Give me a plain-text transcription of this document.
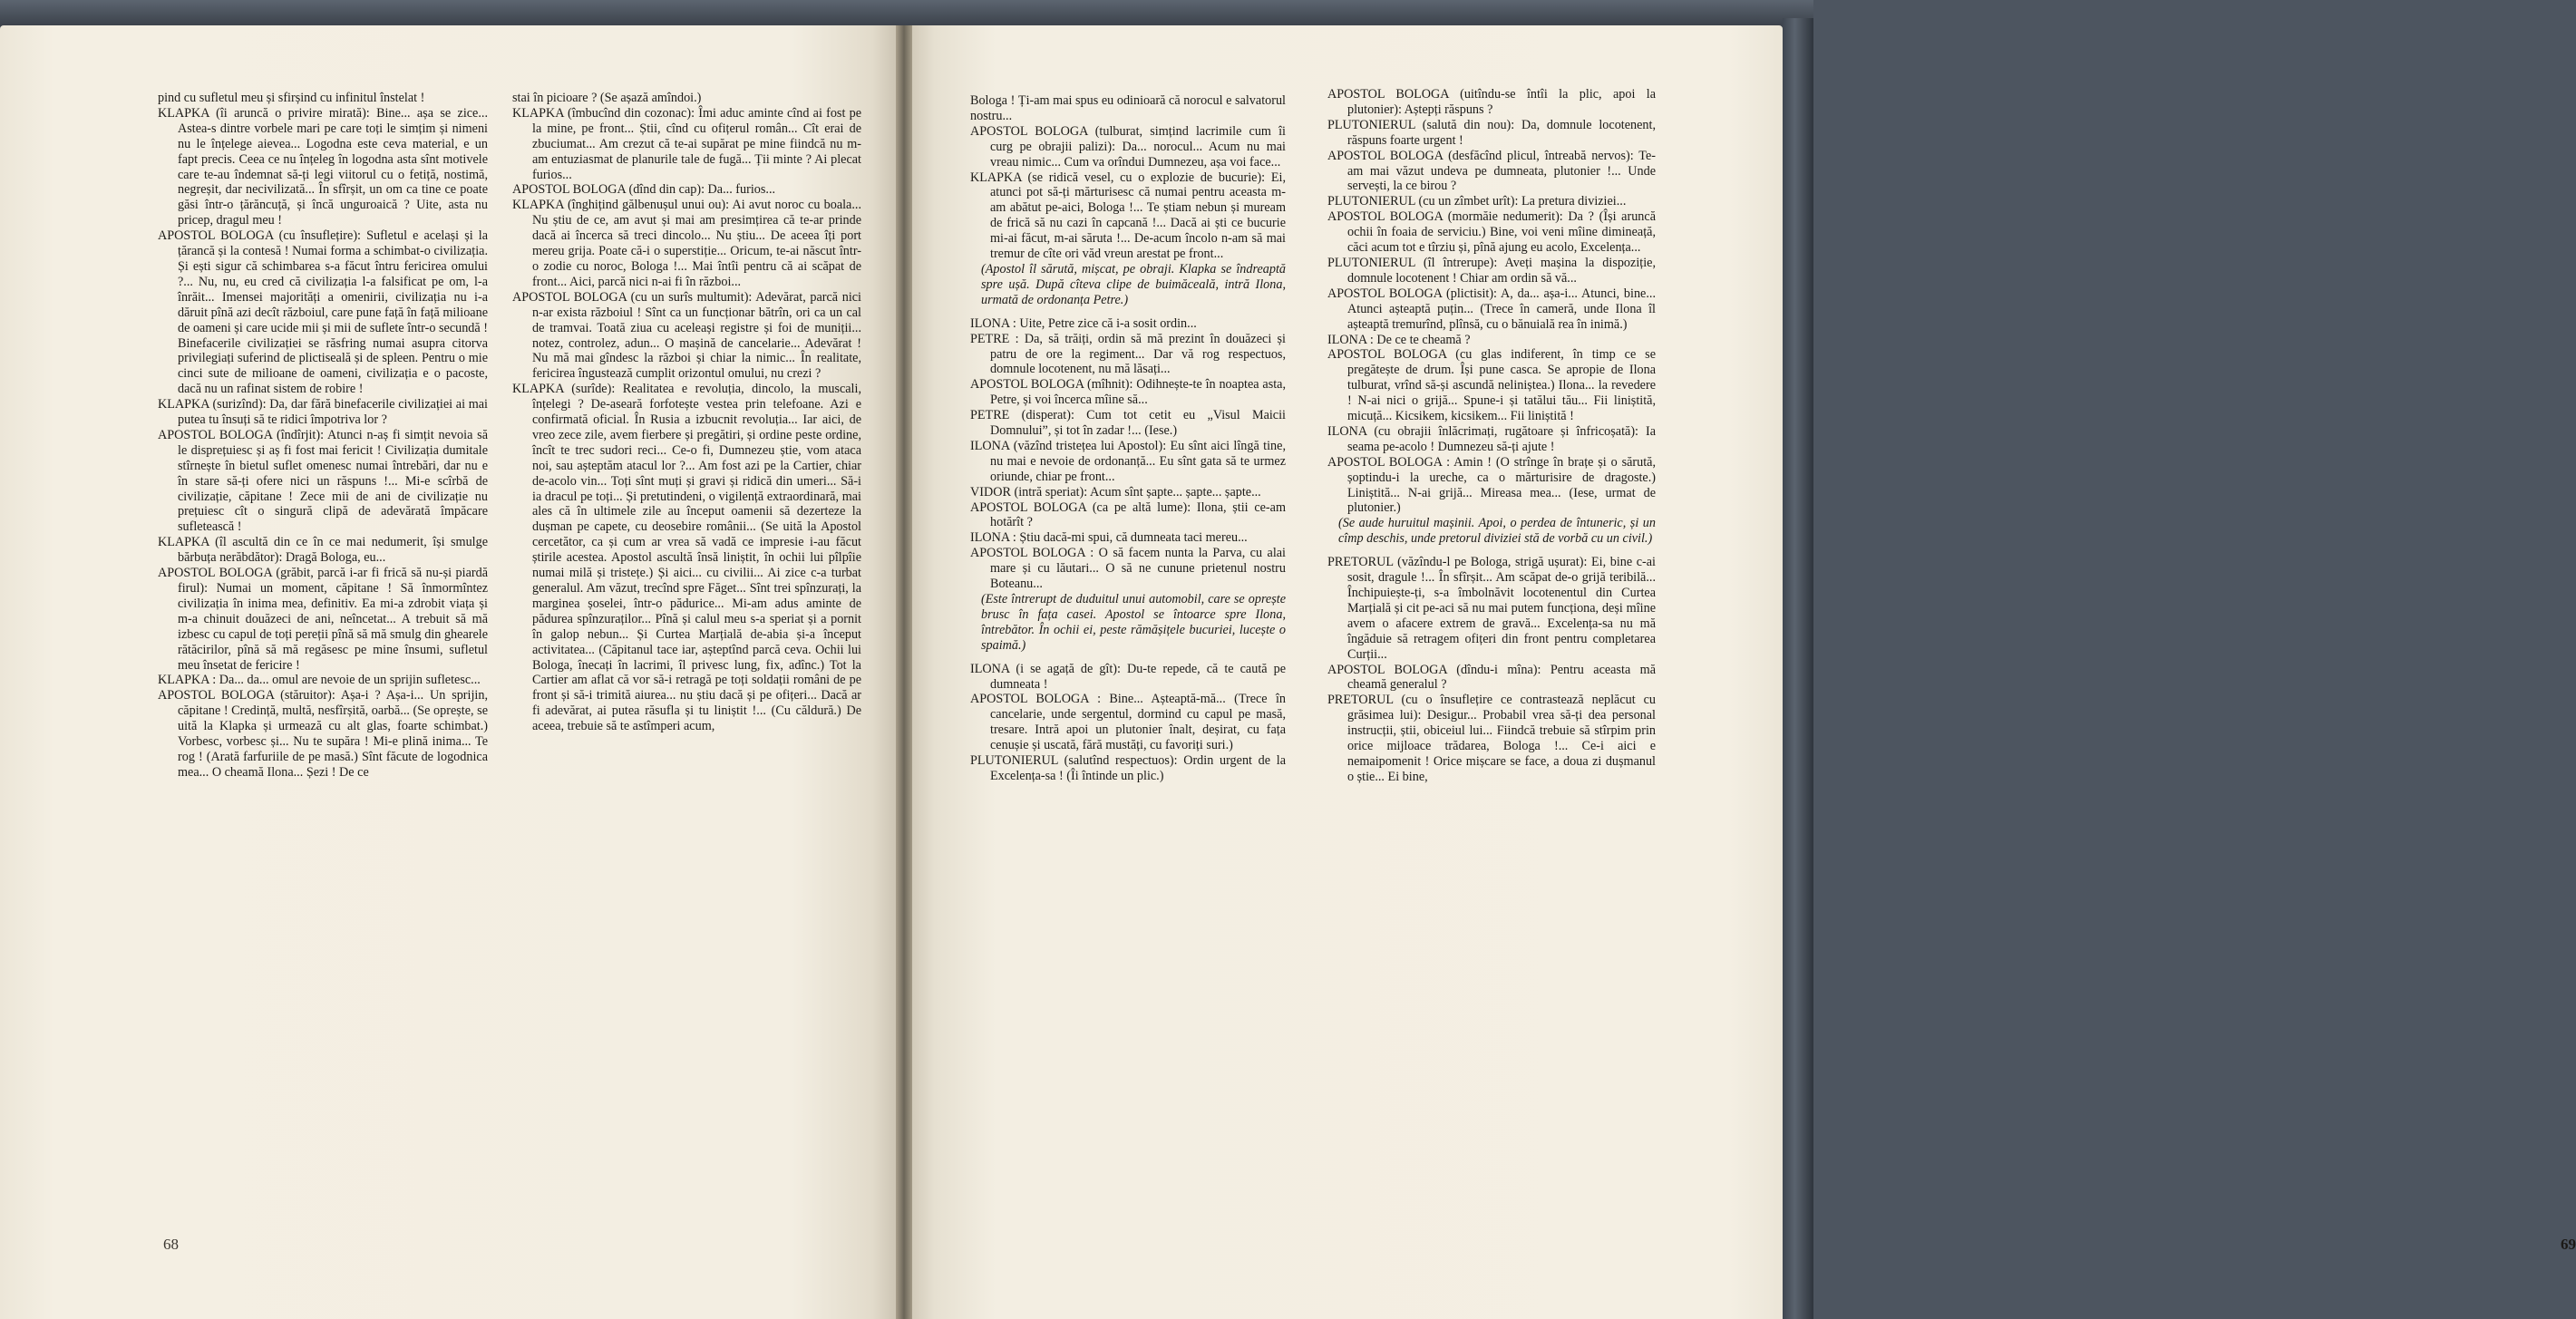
pind cu sufletul meu și sfirșind cu infinitul înstelat !

KLAPKA (îi aruncă o privire mirată): Bine... așa se zice... Astea-s dintre vorbele mari pe care toți le simțim și nimeni nu le înțelege aievea... Logodna este ceva material, e un fapt precis. Ceea ce nu înțeleg în logodna asta sînt motivele care te-au îndemnat să-ți legi viitorul cu o fetiță, nostimă, negreșit, dar necivilizată... În sfîrșit, un om ca tine ce poate găsi într-o țărăncuță, și încă unguroaică ? Uite, asta nu pricep, dragul meu !

APOSTOL BOLOGA (cu însuflețire): Sufletul e același și la țărancă și la contesă ! Numai forma a schimbat-o civilizația. Și ești sigur că schimbarea s-a făcut întru fericirea omului ?... Nu, nu, eu cred că civilizația l-a falsificat pe om, l-a înrăit... Imensei majorități a omenirii, civilizația nu i-a dăruit pînă azi decît războiul, care pune față în față milioane de oameni și care ucide mii și mii de suflete într-o secundă ! Binefacerile civilizației se răsfring numai asupra citorva privilegiați suferind de plictiseală și de spleen. Pentru o mie cinci sute de milioane de oameni, civilizația e o pacoste, dacă nu un rafinat sistem de robire !

KLAPKA (surizînd): Da, dar fără binefacerile civilizației ai mai putea tu însuți să te ridici împotriva lor ?

APOSTOL BOLOGA (îndîrjit): Atunci n-aș fi simțit nevoia să le disprețuiesc și aș fi fost mai fericit ! Civilizația dumitale stîrnește în bietul suflet omenesc numai întrebări, dar nu e în stare să-ți ofere nici un răspuns !... Mi-e scîrbă de civilizație, căpitane ! Zece mii de ani de civilizație nu prețuiesc cît o singură clipă de adevărată împăcare sufletească !

KLAPKA (îl ascultă din ce în ce mai nedumerit, își smulge bărbuța nerăbdător): Dragă Bologa, eu...

APOSTOL BOLOGA (grăbit, parcă i-ar fi frică să nu-și piardă firul): Numai un moment, căpitane ! Să înmormîntez civilizația în inima mea, definitiv. Ea mi-a zdrobit viața și m-a chinuit douăzeci de ani, neîncetat... A trebuit să mă izbesc cu capul de toți pereții pînă să mă smulg din ghearele rătăcirilor, pînă să mă regăsesc pe mine însumi, sufletul meu însetat de fericire !

KLAPKA : Da... da... omul are nevoie de un sprijin sufletesc...

APOSTOL BOLOGA (stăruitor): Așa-i ? Așa-i... Un sprijin, căpitane ! Credință, multă, nesfîrșită, oarbă... (Se oprește, se uită la Klapka și urmează cu alt glas, foarte schimbat.) Vorbesc, vorbesc și... Nu te supăra ! Mi-e plină inima... Te rog ! (Arată farfuriile de pe masă.) Sînt făcute de logodnica mea... O cheamă Ilona... Șezi ! De ce

stai în picioare ? (Se așază amîndoi.)

KLAPKA (îmbucînd din cozonac): Îmi aduc aminte cînd ai fost pe la mine, pe front... Știi, cînd cu ofițerul român... Cît erai de zbuciumat... Am crezut că te-ai supărat pe mine fiindcă nu m-am entuziasmat de planurile tale de fugă... Ții minte ? Ai plecat furios...

APOSTOL BOLOGA (dînd din cap): Da... furios...

KLAPKA (înghițind gălbenușul unui ou): Ai avut noroc cu boala... Nu știu de ce, am avut și mai am presimțirea că te-ar prinde dacă ai încerca să treci dincolo... Nu știu... De aceea îți port mereu grija. Poate că-i o superstiție... Oricum, te-ai născut într-o zodie cu noroc, Bologa !... Mai întîi pentru că ai scăpat de front... Aici, parcă nici n-ai fi în război...

APOSTOL BOLOGA (cu un surîs multumit): Adevărat, parcă nici n-ar exista războiul ! Sînt ca un funcționar bătrîn, ori ca un cal de tramvai. Toată ziua cu aceleași registre și foi de muniții... notez, controlez, adun... O mașină de cancelarie... Adevărat ! Nu mă mai gîndesc la război și chiar la nimic... În realitate, fericirea îngustează cumplit orizontul omului, nu crezi ?

KLAPKA (surîde): Realitatea e revoluția, dincolo, la muscali, înțelegi ? De-aseară forfotește vestea prin telefoane. Azi e confirmată oficial. În Rusia a izbucnit revoluția... Iar aici, de vreo zece zile, avem fierbere și pregătiri, și ordine peste ordine, încît te trec sudori reci... Ce-o fi, Dumnezeu știe, vom ataca noi, sau așteptăm atacul lor ?... Am fost azi pe la Cartier, chiar de-acolo vin... Toți sînt muți și gravi și ridică din umeri... Să-i ia dracul pe toți... Și pretutindeni, o vigilență extraordinară, mai ales că în ultimele zile au început oamenii să dezerteze la dușman pe capete, cu deosebire românii... (Se uită la Apostol cercetător, ca și cum ar vrea să vadă ce impresie i-au făcut știrile acestea. Apostol ascultă însă liniștit, în ochii lui pîlpîie numai milă și tristețe.) Și aici... cu civilii... Ai zice c-a turbat generalul. Am văzut, trecînd spre Făget... Sînt trei spînzurați, la marginea șoselei, într-o pădurice... Mi-am adus aminte de pădurea spînzuraților... Pînă și calul meu s-a speriat și a pornit în galop nebun... Și Curtea Marțială de-abia și-a început activitatea... (Căpitanul tace iar, așteptînd parcă ceva. Ochii lui Bologa, înecați în lacrimi, îl privesc lung, fix, adînc.) Tot la Cartier am aflat că vor să-i retragă pe toți soldații români de pe front și să-i trimită aiurea... nu știu dacă și pe ofițeri... Dacă ar fi adevărat, ai putea răsufla și tu liniștit !... (Cu căldură.) De aceea, trebuie să te astîmperi acum,

68

Bologa ! Ți-am mai spus eu odinioară că norocul e salvatorul nostru...

APOSTOL BOLOGA (tulburat, simțind lacrimile cum îi curg pe obrajii palizi): Da... norocul... Acum nu mai vreau nimic... Cum va orîndui Dumnezeu, așa voi face...

KLAPKA (se ridică vesel, cu o explozie de bucurie): Ei, atunci pot să-ți mărturisesc că numai pentru aceasta m-am abătut pe-aici, Bologa !... Te știam nebun și muream de frică să nu cazi în capcană !... Dacă ai ști ce bucurie mi-ai făcut, m-ai săruta !... De-acum încolo n-am să mai tremur de cîte ori văd vreun arestat pe front...

(Apostol îl sărută, mișcat, pe obraji. Klapka se îndreaptă spre ușă. După cîteva clipe de buimăceală, intră Ilona, urmată de ordonanța Petre.)

ILONA : Uite, Petre zice că i-a sosit ordin...

PETRE : Da, să trăiți, ordin să mă prezint în douăzeci și patru de ore la regiment... Dar vă rog respectuos, domnule locotenent, nu mă lăsați...

APOSTOL BOLOGA (mîhnit): Odihnește-te în noaptea asta, Petre, și voi încerca mîine să...

PETRE (disperat): Cum tot cetit eu „Visul Maicii Domnului”, și tot în zadar !... (Iese.)

ILONA (văzînd tristețea lui Apostol): Eu sînt aici lîngă tine, nu mai e nevoie de ordonanță... Eu sînt gata să te urmez oriunde, chiar pe front...

VIDOR (intră speriat): Acum sînt șapte... șapte... șapte...

APOSTOL BOLOGA (ca pe altă lume): Ilona, știi ce-am hotărît ?

ILONA : Știu dacă-mi spui, că dumneata taci mereu...

APOSTOL BOLOGA : O să facem nunta la Parva, cu alai mare și cu lăutari... O să ne cunune prietenul nostru Boteanu...

(Este întrerupt de duduitul unui automobil, care se oprește brusc în fața casei. Apostol se întoarce spre Ilona, întrebător. În ochii ei, peste rămășițele bucuriei, lucește o spaimă.)

ILONA (i se agață de gît): Du-te repede, că te caută pe dumneata !

APOSTOL BOLOGA : Bine... Așteaptă-mă... (Trece în cancelarie, unde sergentul, dormind cu capul pe masă, tresare. Intră apoi un plutonier înalt, deșirat, cu fața cenușie și uscată, fără mustăți, cu favoriți suri.)

PLUTONIERUL (salutînd respectuos): Ordin urgent de la Excelența-sa ! (Îi întinde un plic.)

APOSTOL BOLOGA (uitîndu-se întîi la plic, apoi la plutonier): Aștepți răspuns ?

PLUTONIERUL (salută din nou): Da, domnule locotenent, răspuns foarte urgent !

APOSTOL BOLOGA (desfăcînd plicul, întreabă nervos): Te-am mai văzut undeva pe dumneata, plutonier !... Unde servești, la ce birou ?

PLUTONIERUL (cu un zîmbet urît): La pretura diviziei...

APOSTOL BOLOGA (mormăie nedumerit): Da ? (Își aruncă ochii în foaia de serviciu.) Bine, voi veni mîine dimineață, căci acum tot e tîrziu și, pînă ajung eu acolo, Excelența...

PLUTONIERUL (îl întrerupe): Aveți mașina la dispoziție, domnule locotenent ! Chiar am ordin să vă...

APOSTOL BOLOGA (plictisit): A, da... așa-i... Atunci, bine... Atunci așteaptă puțin... (Trece în cameră, unde Ilona îl așteaptă tremurînd, plînsă, cu o bănuială rea în inimă.)

ILONA : De ce te cheamă ?

APOSTOL BOLOGA (cu glas indiferent, în timp ce se pregătește de drum. Își pune casca. Se apropie de Ilona tulburat, vrînd să-și ascundă neliniștea.) Ilona... la revedere ! N-ai nici o grijă... Spune-i și tatălui tău... Fii liniștită, micuță... Kicsikem, kicsikem... Fii liniștită !

ILONA (cu obrajii înlăcrimați, rugătoare și înfricoșată): Ia seama pe-acolo ! Dumnezeu să-ți ajute !

APOSTOL BOLOGA : Amin ! (O strînge în brațe și o sărută, șoptindu-i la ureche, ca o mărturisire de dragoste.) Liniștită... N-ai grijă... Mireasa mea... (Iese, urmat de plutonier.)

(Se aude huruitul mașinii. Apoi, o perdea de întuneric, și un cîmp deschis, unde pretorul diviziei stă de vorbă cu un civil.)

PRETORUL (văzîndu-l pe Bologa, strigă ușurat): Ei, bine c-ai sosit, dragule !... În sfîrșit... Am scăpat de-o grijă teribilă... Închipuiește-ți, s-a îmbolnăvit locotenentul din Curtea Marțială și cit pe-aci să nu mai putem funcționa, deși mîine avem o afacere extrem de gravă... Excelența-sa nu mă îngăduie să retragem ofițeri din front pentru completarea Curții...

APOSTOL BOLOGA (dîndu-i mîna): Pentru aceasta mă cheamă generalul ?

PRETORUL (cu o însuflețire ce contrastează neplăcut cu grăsimea lui): Desigur... Probabil vrea să-ți dea personal instrucții, știi, obiceiul lui... Fiindcă trebuie să stîrpim prin orice mijloace trădarea, Bologa !... Ce-i aici e nemaipomenit ! Orice mișcare se face, a doua zi dușmanul o știe... Ei bine,

69
